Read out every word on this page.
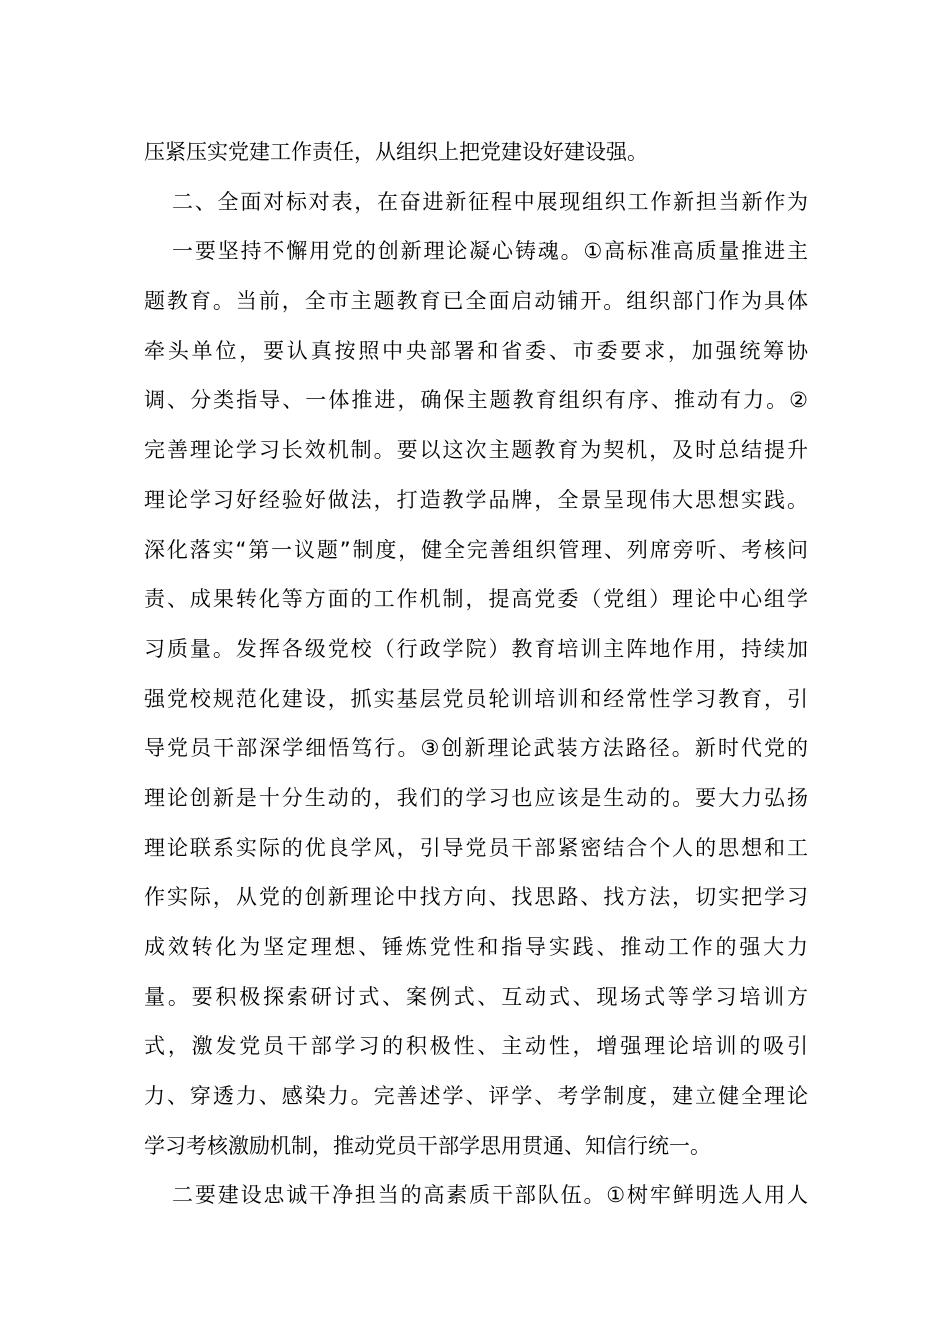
压紧压实党建工作责任，从组织上把党建设好建设强。
二、全面对标对表，在奋进新征程中展现组织工作新担当新作为
一要坚持不懈用党的创新理论凝心铸魂。①高标准高质量推进主
题教育。当前，全市主题教育已全面启动铺开。组织部门作为具体
牵头单位，要认真按照中央部署和省委、市委要求，加强统筹协
调、分类指导、一体推进，确保主题教育组织有序、推动有力。②
完善理论学习长效机制。要以这次主题教育为契机，及时总结提升
理论学习好经验好做法，打造教学品牌，全景呈现伟大思想实践。
深化落实“第一议题”制度，健全完善组织管理、列席旁听、考核问
责、成果转化等方面的工作机制，提高党委（党组）理论中心组学
习质量。发挥各级党校（行政学院）教育培训主阵地作用，持续加
强党校规范化建设，抓实基层党员轮训培训和经常性学习教育，引
导党员干部深学细悟笃行。③创新理论武装方法路径。新时代党的
理论创新是十分生动的，我们的学习也应该是生动的。要大力弘扬
理论联系实际的优良学风，引导党员干部紧密结合个人的思想和工
作实际，从党的创新理论中找方向、找思路、找方法，切实把学习
成效转化为坚定理想、锤炼党性和指导实践、推动工作的强大力
量。要积极探索研讨式、案例式、互动式、现场式等学习培训方
式，激发党员干部学习的积极性、主动性，增强理论培训的吸引
力、穿透力、感染力。完善述学、评学、考学制度，建立健全理论
学习考核激励机制，推动党员干部学思用贯通、知信行统一。
二要建设忠诚干净担当的高素质干部队伍。①树牢鲜明选人用人
